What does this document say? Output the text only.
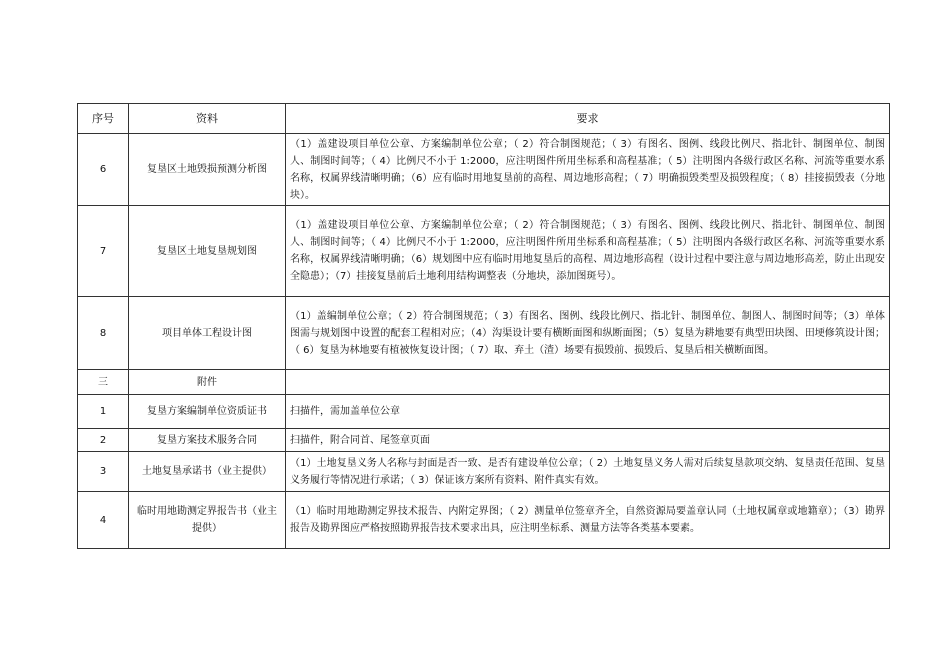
序号	资料	要求
6	复垦区土地毁损预测分析图	（1）盖建设项目单位公章、方案编制单位公章；（ 2）符合制图规范；（ 3）有图名、图例、线段比例尺、指北针、制图单位、制图人、制图时间等；（ 4）比例尺不小于 1:2000，应注明图件所用坐标系和高程基准；（ 5）注明图内各级行政区名称、河流等重要水系名称，权属界线清晰明确；（6）应有临时用地复垦前的高程、周边地形高程；（ 7）明确损毁类型及损毁程度；（ 8）挂接损毁表（分地块）。

7	复垦区土地复垦规划图	（1）盖建设项目单位公章、方案编制单位公章；（ 2）符合制图规范；（ 3）有图名、图例、线段比例尺、指北针、制图单位、制图人、制图时间等；（ 4）比例尺不小于 1:2000，应注明图件所用坐标系和高程基准；（ 5）注明图内各级行政区名称、河流等重要水系名称，权属界线清晰明确；（6）规划图中应有临时用地复垦后的高程、周边地形高程（设计过程中要注意与周边地形高差，防止出现安全隐患）；（7）挂接复垦前后土地利用结构调整表（分地块，添加图斑号）。

8	项目单体工程设计图	（1）盖编制单位公章；（ 2）符合制图规范；（ 3）有图名、图例、线段比例尺、指北针、制图单位、制图人、制图时间等；（3）单体图需与规划图中设置的配套工程相对应；（4）沟渠设计要有横断面图和纵断面图；（5）复垦为耕地要有典型田块图、田埂修筑设计图；（ 6）复垦为林地要有植被恢复设计图；（ 7）取、弃土（渣）场要有损毁前、损毁后、复垦后相关横断面图。

三	附件	
1	复垦方案编制单位资质证书	扫描件，需加盖单位公章

2	复垦方案技术服务合同	扫描件，附合同首、尾签章页面

3	土地复垦承诺书（业主提供）	（1）土地复垦义务人名称与封面是否一致、是否有建设单位公章；（ 2）土地复垦义务人需对后续复垦款项交纳、复垦责任范围、复垦义务履行等情况进行承诺；（ 3）保证该方案所有资料、附件真实有效。

4	临时用地勘测定界报告书（业主提供）	（1）临时用地勘测定界技术报告、内附定界图；（ 2）测量单位签章齐全，自然资源局要盖章认同（土地权属章或地籍章）；（3）勘界报告及勘界图应严格按照勘界报告技术要求出具，应注明坐标系、测量方法等各类基本要素。
